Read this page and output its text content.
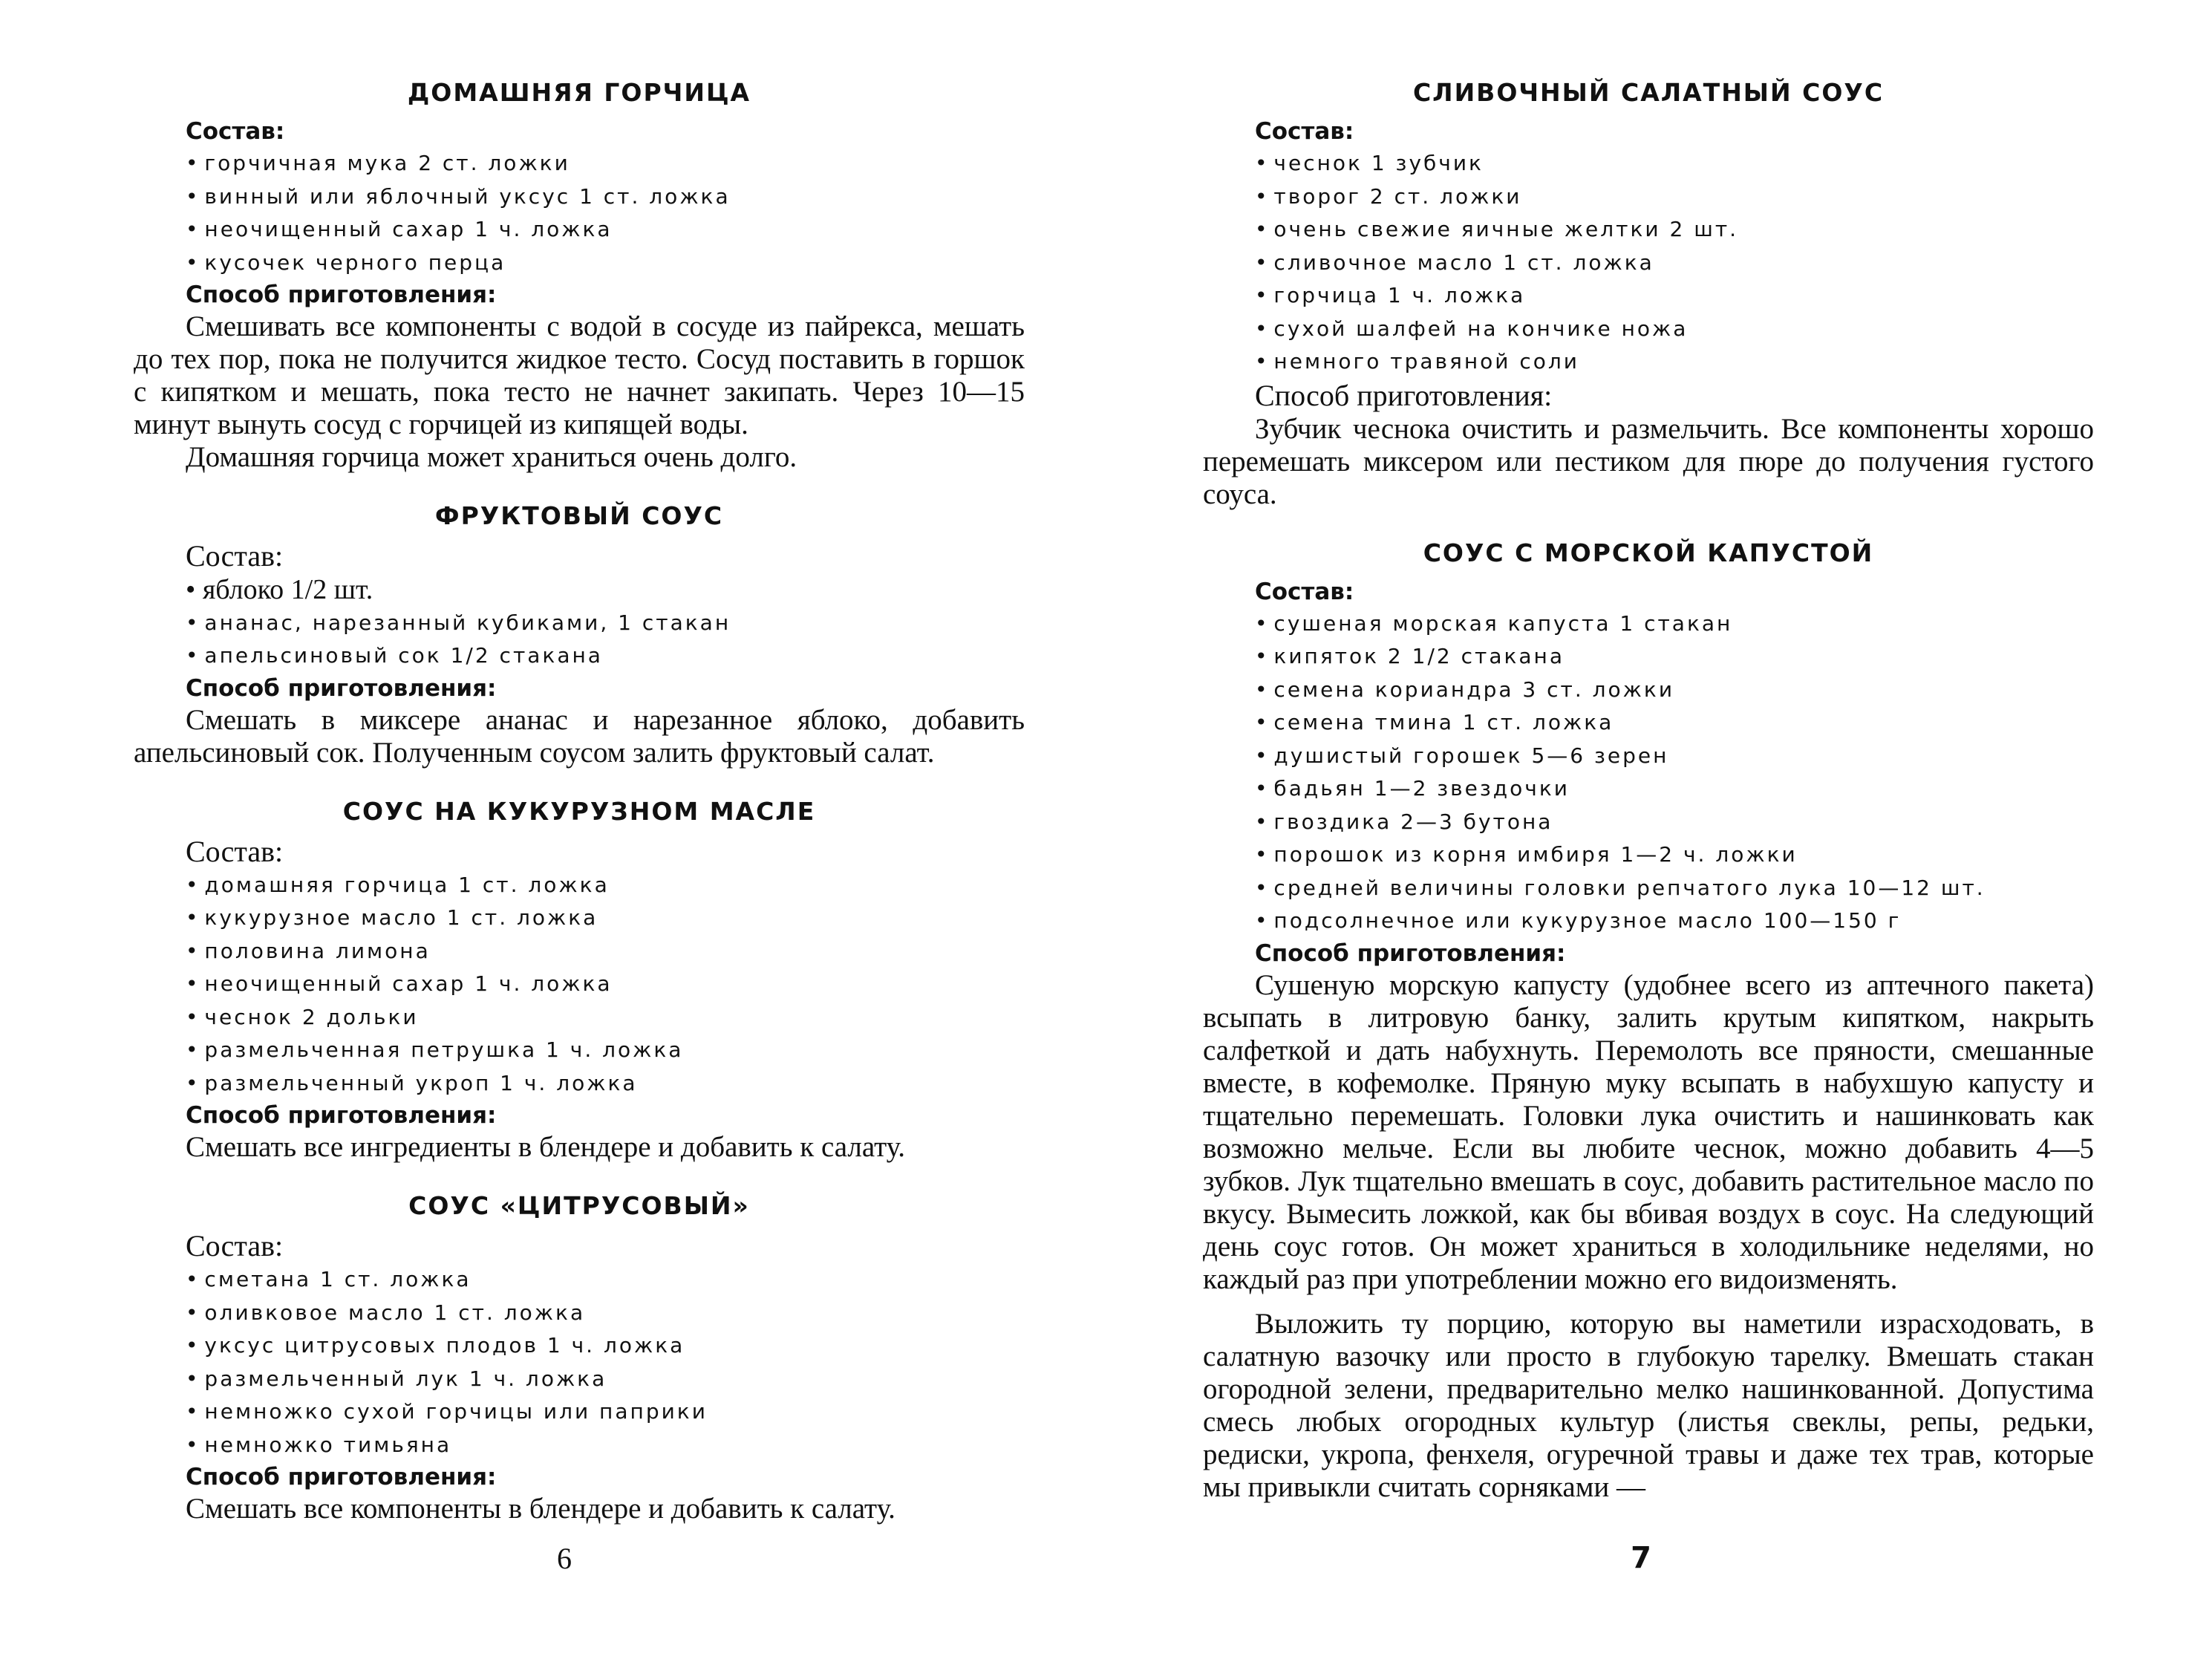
ДОМАШНЯЯ ГОРЧИЦА
Состав:
• горчичная мука 2 ст. ложки
• винный или яблочный уксус 1 ст. ложка
• неочищенный сахар 1 ч. ложка
• кусочек черного перца
Способ приготовления:

Смешивать все компоненты с водой в сосуде из пайрекса, мешать до тех пор, пока не получится жидкое тесто. Сосуд поставить в горшок с кипятком и мешать, пока тесто не начнет закипать. Через 10—15 минут вынуть сосуд с горчицей из кипящей воды.

Домашняя горчица может храниться очень долго.

ФРУКТОВЫЙ СОУС
Состав:
• яблоко 1/2 шт.
• ананас, нарезанный кубиками, 1 стакан
• апельсиновый сок 1/2 стакана
Способ приготовления:

Смешать в миксере ананас и нарезанное яблоко, добавить апельсиновый сок. Полученным соусом залить фруктовый салат.

СОУС НА КУКУРУЗНОМ МАСЛЕ
Состав:
• домашняя горчица 1 ст. ложка
• кукурузное масло 1 ст. ложка
• половина лимона
• неочищенный сахар 1 ч. ложка
• чеснок 2 дольки
• размельченная петрушка 1 ч. ложка
• размельченный укроп 1 ч. ложка
Способ приготовления:

Смешать все ингредиенты в блендере и добавить к салату.

СОУС «ЦИТРУСОВЫЙ»
Состав:
• сметана 1 ст. ложка
• оливковое масло 1 ст. ложка
• уксус цитрусовых плодов 1 ч. ложка
• размельченный лук 1 ч. ложка
• немножко сухой горчицы или паприки
• немножко тимьяна
Способ приготовления:

Смешать все компоненты в блендере и добавить к салату.

6
СЛИВОЧНЫЙ САЛАТНЫЙ СОУС
Состав:
• чеснок 1 зубчик
• творог 2 ст. ложки
• очень свежие яичные желтки 2 шт.
• сливочное масло 1 ст. ложка
• горчица 1 ч. ложка
• сухой шалфей на кончике ножа
• немного травяной соли
Способ приготовления:

Зубчик чеснока очистить и размельчить. Все компоненты хорошо перемешать миксером или пестиком для пюре до получения густого соуса.

СОУС С МОРСКОЙ КАПУСТОЙ
Состав:
• сушеная морская капуста 1 стакан
• кипяток 2 1/2 стакана
• семена кориандра 3 ст. ложки
• семена тмина 1 ст. ложка
• душистый горошек 5—6 зерен
• бадьян 1—2 звездочки
• гвоздика 2—3 бутона
• порошок из корня имбиря 1—2 ч. ложки
• средней величины головки репчатого лука 10—12 шт.
• подсолнечное или кукурузное масло 100—150 г
Способ приготовления:

Сушеную морскую капусту (удобнее всего из аптечного пакета) всыпать в литровую банку, залить крутым кипятком, накрыть салфеткой и дать набухнуть. Перемолоть все пряности, смешанные вместе, в кофемолке. Пряную муку всыпать в набухшую капусту и тщательно перемешать. Головки лука очистить и нашинковать как возможно мельче. Если вы любите чеснок, можно добавить 4—5 зубков. Лук тщательно вмешать в соус, добавить растительное масло по вкусу. Вымесить ложкой, как бы вбивая воздух в соус. На следующий день соус готов. Он может храниться в холодильнике неделями, но каждый раз при употреблении можно его видоизменять.

Выложить ту порцию, которую вы наметили израсходовать, в салатную вазочку или просто в глубокую тарелку. Вмешать стакан огородной зелени, предварительно мелко нашинкованной. Допустима смесь любых огородных культур (листья свеклы, репы, редьки, редиски, укропа, фенхеля, огуречной травы и даже тех трав, которые мы привыкли считать сорняками —

7
